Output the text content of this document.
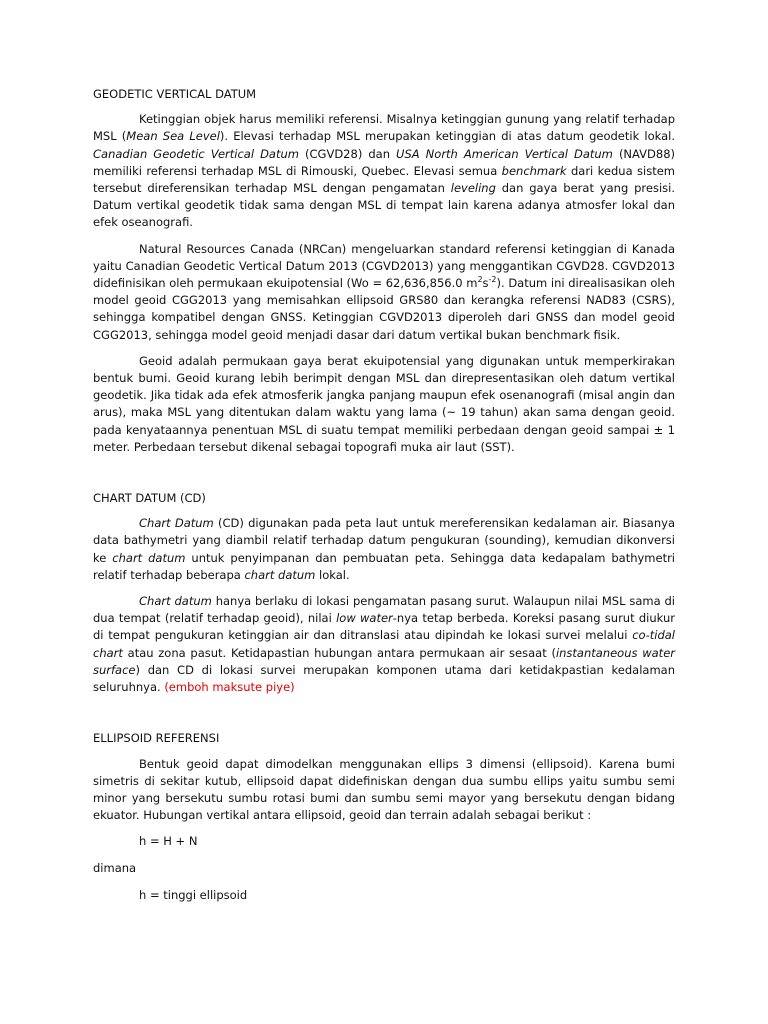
GEODETIC VERTICAL DATUM

Ketinggian objek harus memiliki referensi. Misalnya ketinggian gunung yang relatif terhadap MSL (Mean Sea Level). Elevasi terhadap MSL merupakan ketinggian di atas datum geodetik lokal. Canadian Geodetic Vertical Datum (CGVD28) dan USA North American Vertical Datum (NAVD88) memiliki referensi terhadap MSL di Rimouski, Quebec. Elevasi semua benchmark dari kedua sistem tersebut direferensikan terhadap MSL dengan pengamatan leveling dan gaya berat yang presisi. Datum vertikal geodetik tidak sama dengan MSL di tempat lain karena adanya atmosfer lokal dan efek oseanografi.

Natural Resources Canada (NRCan) mengeluarkan standard referensi ketinggian di Kanada yaitu Canadian Geodetic Vertical Datum 2013 (CGVD2013) yang menggantikan CGVD28. CGVD2013 didefinisikan oleh permukaan ekuipotensial (Wo = 62,636,856.0 $m^2s^{-2}$). Datum ini direalisasikan oleh model geoid CGG2013 yang memisahkan ellipsoid GRS80 dan kerangka referensi NAD83 (CSRS), sehingga kompatibel dengan GNSS. Ketinggian CGVD2013 diperoleh dari GNSS dan model geoid CGG2013, sehingga model geoid menjadi dasar dari datum vertikal bukan benchmark fisik.

Geoid adalah permukaan gaya berat ekuipotensial yang digunakan untuk memperkirakan bentuk bumi. Geoid kurang lebih berimpit dengan MSL dan direpresentasikan oleh datum vertikal geodetik. Jika tidak ada efek atmosferik jangka panjang maupun efek osenanografi (misal angin dan arus), maka MSL yang ditentukan dalam waktu yang lama (~ 19 tahun) akan sama dengan geoid. pada kenyataannya penentuan MSL di suatu tempat memiliki perbedaan dengan geoid sampai ± 1 meter. Perbedaan tersebut dikenal sebagai topografi muka air laut (SST).

CHART DATUM (CD)

Chart Datum (CD) digunakan pada peta laut untuk mereferensikan kedalaman air. Biasanya data bathymetri yang diambil relatif terhadap datum pengukuran (sounding), kemudian dikonversi ke chart datum untuk penyimpanan dan pembuatan peta. Sehingga data kedapalam bathymetri relatif terhadap beberapa chart datum lokal.

Chart datum hanya berlaku di lokasi pengamatan pasang surut. Walaupun nilai MSL sama di dua tempat (relatif terhadap geoid), nilai low water-nya tetap berbeda. Koreksi pasang surut diukur di tempat pengukuran ketinggian air dan ditranslasi atau dipindah ke lokasi survei melalui co-tidal chart atau zona pasut. Ketidapastian hubungan antara permukaan air sesaat (instantaneous water surface) dan CD di lokasi survei merupakan komponen utama dari ketidakpastian kedalaman seluruhnya. (emboh maksute piye)

ELLIPSOID REFERENSI

Bentuk geoid dapat dimodelkan menggunakan ellips 3 dimensi (ellipsoid). Karena bumi simetris di sekitar kutub, ellipsoid dapat didefiniskan dengan dua sumbu ellips yaitu sumbu semi minor yang bersekutu sumbu rotasi bumi dan sumbu semi mayor yang bersekutu dengan bidang ekuator. Hubungan vertikal antara ellipsoid, geoid dan terrain adalah sebagai berikut :

h = H + N
dimana
h = tinggi ellipsoid
